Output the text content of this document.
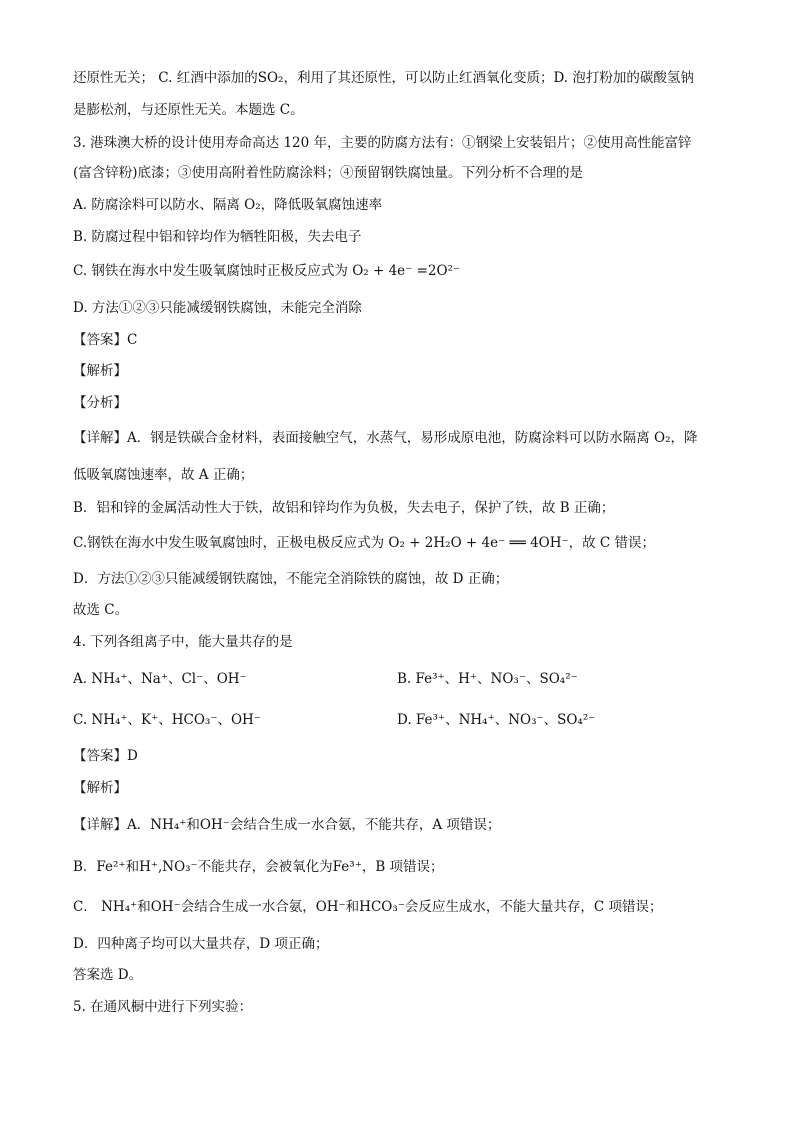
还原性无关； C. 红酒中添加的SO₂，利用了其还原性，可以防止红酒氧化变质；D. 泡打粉加的碳酸氢钠
是膨松剂，与还原性无关。本题选 C。
3. 港珠澳大桥的设计使用寿命高达 120 年，主要的防腐方法有：①钢梁上安装铝片；②使用高性能富锌
(富含锌粉)底漆；③使用高附着性防腐涂料；④预留钢铁腐蚀量。下列分析不合理的是
A. 防腐涂料可以防水、隔离 O₂，降低吸氧腐蚀速率
B. 防腐过程中铝和锌均作为牺牲阳极，失去电子
C. 钢铁在海水中发生吸氧腐蚀时正极反应式为 O₂ + 4e⁻ =2O²⁻
D. 方法①②③只能减缓钢铁腐蚀，未能完全消除
【答案】C
【解析】
【分析】
【详解】A．钢是铁碳合金材料，表面接触空气，水蒸气，易形成原电池，防腐涂料可以防水隔离 O₂，降
低吸氧腐蚀速率，故 A 正确；
B．铝和锌的金属活动性大于铁，故铝和锌均作为负极，失去电子，保护了铁，故 B 正确；
C.钢铁在海水中发生吸氧腐蚀时，正极电极反应式为 O₂ + 2H₂O + 4e⁻ ══ 4OH⁻，故 C 错误；
D．方法①②③只能减缓钢铁腐蚀，不能完全消除铁的腐蚀，故 D 正确；
故选 C。
4. 下列各组离子中，能大量共存的是
A. NH₄⁺、Na⁺、Cl⁻、OH⁻	B. Fe³⁺、H⁺、NO₃⁻、SO₄²⁻
C. NH₄⁺、K⁺、HCO₃⁻、OH⁻	D. Fe³⁺、NH₄⁺、NO₃⁻、SO₄²⁻
【答案】D
【解析】
【详解】A．NH₄⁺和OH⁻会结合生成一水合氨，不能共存，A 项错误；
B．Fe²⁺和H⁺,NO₃⁻不能共存，会被氧化为Fe³⁺，B 项错误；
C． NH₄⁺和OH⁻会结合生成一水合氨，OH⁻和HCO₃⁻会反应生成水，不能大量共存，C 项错误；
D．四种离子均可以大量共存，D 项正确；
答案选 D。
5. 在通风橱中进行下列实验：
